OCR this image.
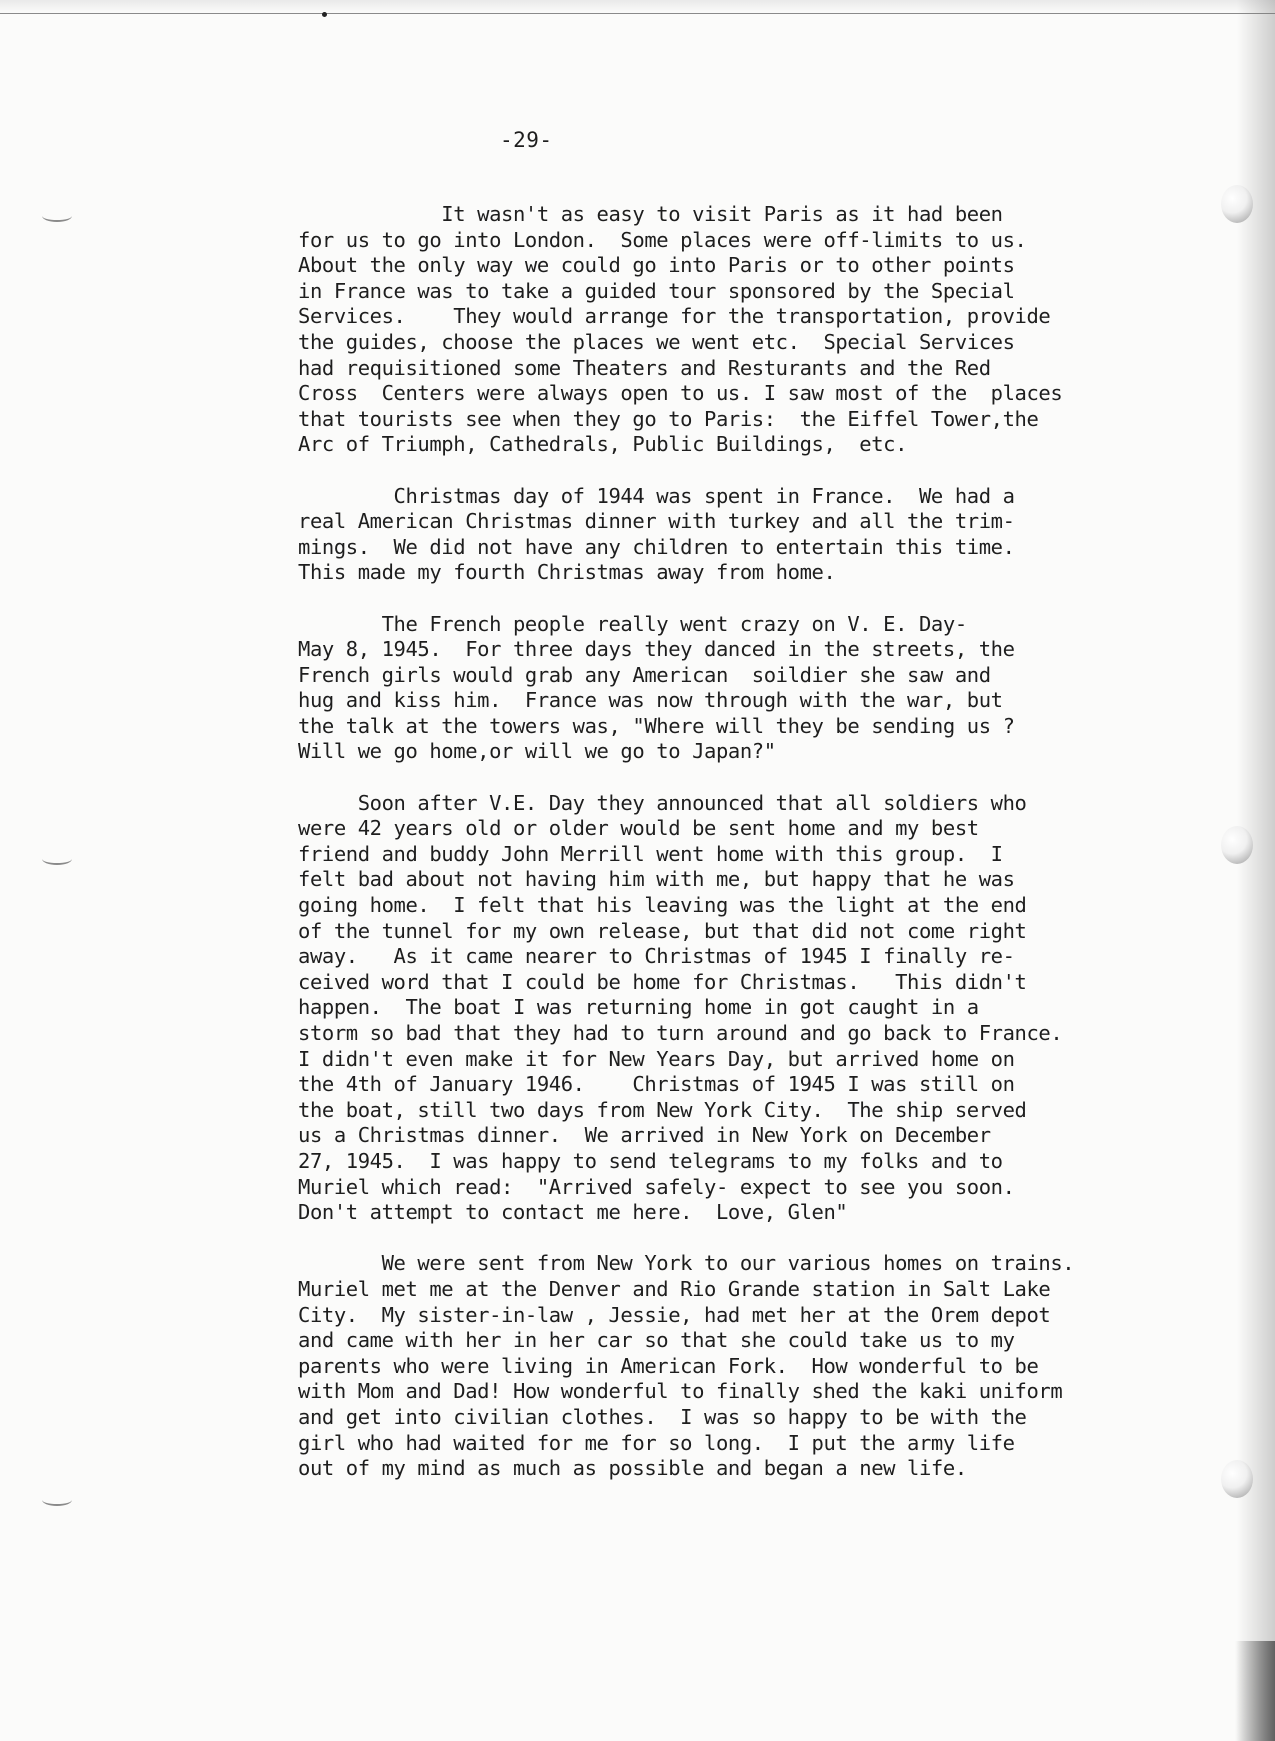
-29-
It wasn't as easy to visit Paris as it had been
for us to go into London.  Some places were off-limits to us.
About the only way we could go into Paris or to other points
in France was to take a guided tour sponsored by the Special
Services.    They would arrange for the transportation, provide
the guides, choose the places we went etc.  Special Services
had requisitioned some Theaters and Resturants and the Red
Cross  Centers were always open to us. I saw most of the  places
that tourists see when they go to Paris:  the Eiffel Tower,the
Arc of Triumph, Cathedrals, Public Buildings,  etc.
Christmas day of 1944 was spent in France.  We had a
real American Christmas dinner with turkey and all the trim-
mings.  We did not have any children to entertain this time.
This made my fourth Christmas away from home.
The French people really went crazy on V. E. Day-
May 8, 1945.  For three days they danced in the streets, the
French girls would grab any American  soildier she saw and
hug and kiss him.  France was now through with the war, but
the talk at the towers was, "Where will they be sending us ?
Will we go home,or will we go to Japan?"
Soon after V.E. Day they announced that all soldiers who
were 42 years old or older would be sent home and my best
friend and buddy John Merrill went home with this group.  I
felt bad about not having him with me, but happy that he was
going home.  I felt that his leaving was the light at the end
of the tunnel for my own release, but that did not come right
away.   As it came nearer to Christmas of 1945 I finally re-
ceived word that I could be home for Christmas.   This didn't
happen.  The boat I was returning home in got caught in a
storm so bad that they had to turn around and go back to France.
I didn't even make it for New Years Day, but arrived home on
the 4th of January 1946.    Christmas of 1945 I was still on
the boat, still two days from New York City.  The ship served
us a Christmas dinner.  We arrived in New York on December
27, 1945.  I was happy to send telegrams to my folks and to
Muriel which read:  "Arrived safely- expect to see you soon.
Don't attempt to contact me here.  Love, Glen"
We were sent from New York to our various homes on trains.
Muriel met me at the Denver and Rio Grande station in Salt Lake
City.  My sister-in-law , Jessie, had met her at the Orem depot
and came with her in her car so that she could take us to my
parents who were living in American Fork.  How wonderful to be
with Mom and Dad! How wonderful to finally shed the kaki uniform
and get into civilian clothes.  I was so happy to be with the
girl who had waited for me for so long.  I put the army life
out of my mind as much as possible and began a new life.
